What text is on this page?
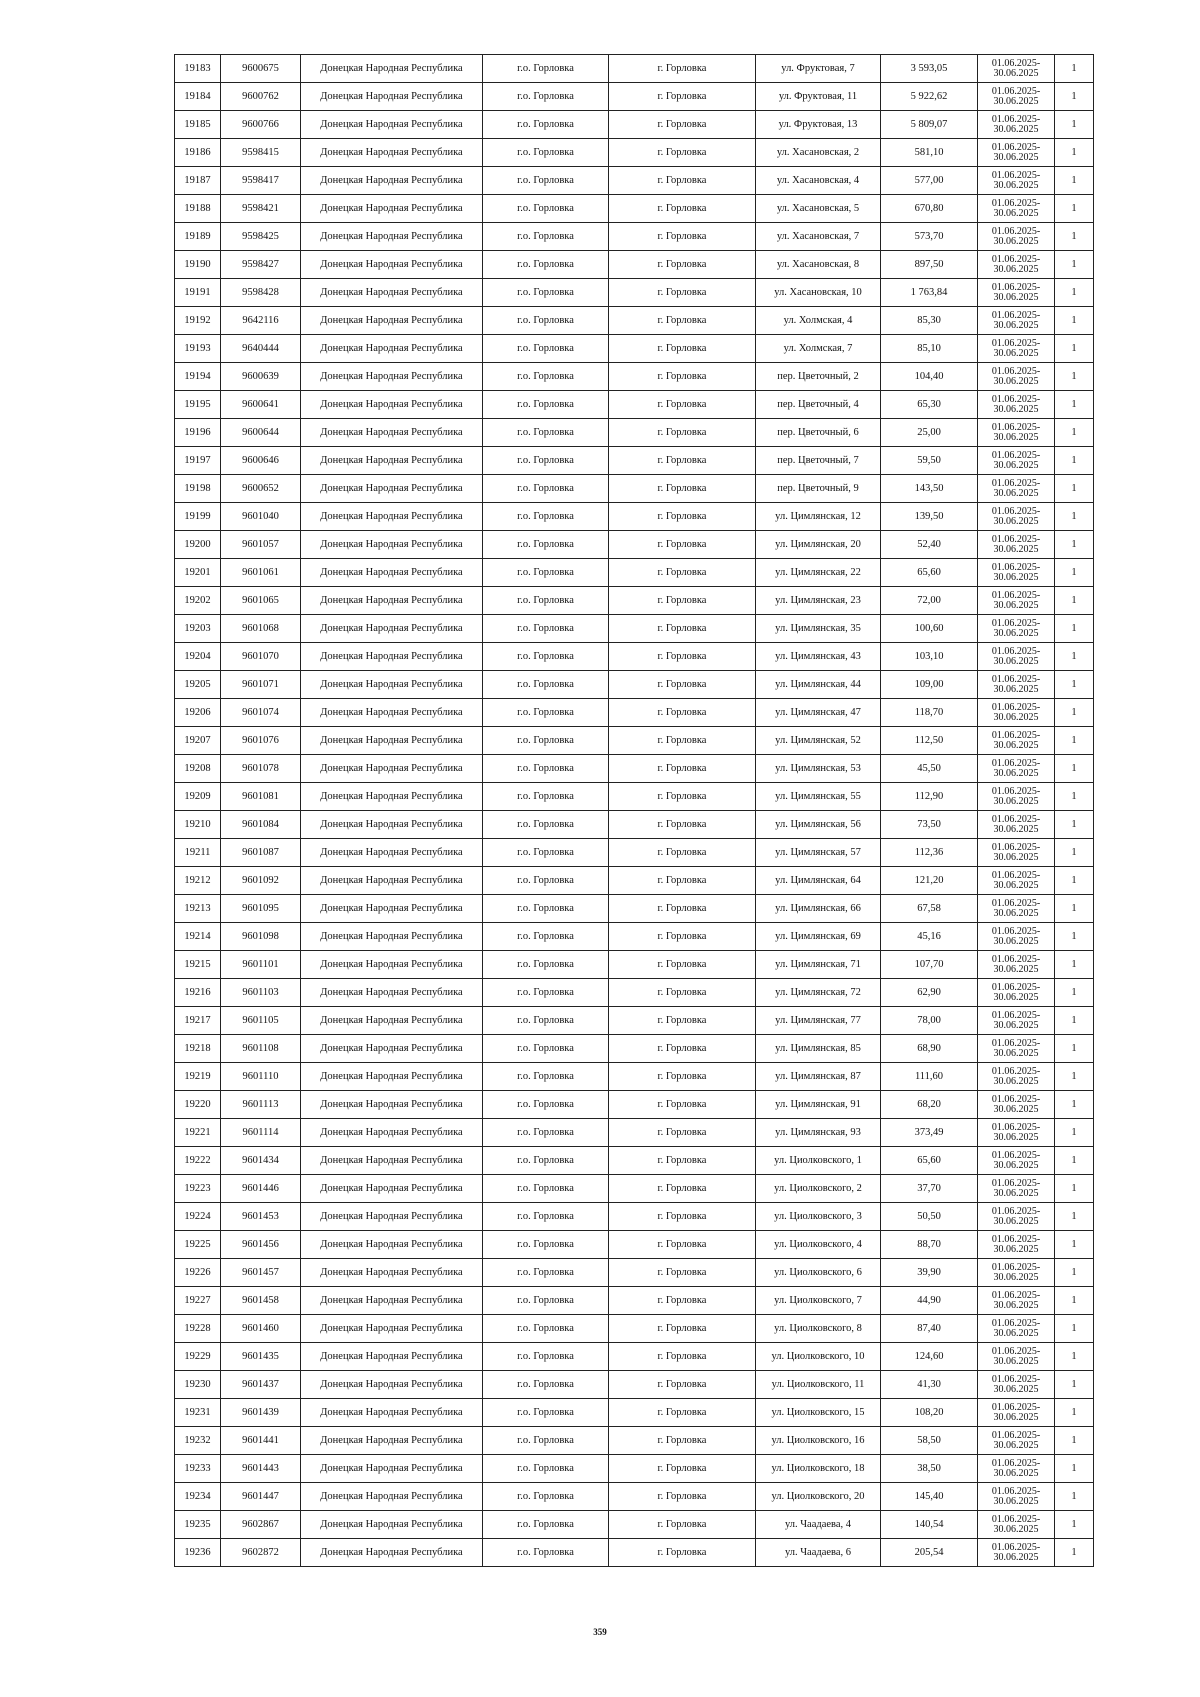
19183	9600675	Донецкая Народная Республика	г.о. Горловка	г. Горловка	ул. Фруктовая, 7	3 593,05	01.06.2025-
30.06.2025	1
19184	9600762	Донецкая Народная Республика	г.о. Горловка	г. Горловка	ул. Фруктовая, 11	5 922,62	01.06.2025-
30.06.2025	1
19185	9600766	Донецкая Народная Республика	г.о. Горловка	г. Горловка	ул. Фруктовая, 13	5 809,07	01.06.2025-
30.06.2025	1
19186	9598415	Донецкая Народная Республика	г.о. Горловка	г. Горловка	ул. Хасановская, 2	581,10	01.06.2025-
30.06.2025	1
19187	9598417	Донецкая Народная Республика	г.о. Горловка	г. Горловка	ул. Хасановская, 4	577,00	01.06.2025-
30.06.2025	1
19188	9598421	Донецкая Народная Республика	г.о. Горловка	г. Горловка	ул. Хасановская, 5	670,80	01.06.2025-
30.06.2025	1
19189	9598425	Донецкая Народная Республика	г.о. Горловка	г. Горловка	ул. Хасановская, 7	573,70	01.06.2025-
30.06.2025	1
19190	9598427	Донецкая Народная Республика	г.о. Горловка	г. Горловка	ул. Хасановская, 8	897,50	01.06.2025-
30.06.2025	1
19191	9598428	Донецкая Народная Республика	г.о. Горловка	г. Горловка	ул. Хасановская, 10	1 763,84	01.06.2025-
30.06.2025	1
19192	9642116	Донецкая Народная Республика	г.о. Горловка	г. Горловка	ул. Холмская, 4	85,30	01.06.2025-
30.06.2025	1
19193	9640444	Донецкая Народная Республика	г.о. Горловка	г. Горловка	ул. Холмская, 7	85,10	01.06.2025-
30.06.2025	1
19194	9600639	Донецкая Народная Республика	г.о. Горловка	г. Горловка	пер. Цветочный, 2	104,40	01.06.2025-
30.06.2025	1
19195	9600641	Донецкая Народная Республика	г.о. Горловка	г. Горловка	пер. Цветочный, 4	65,30	01.06.2025-
30.06.2025	1
19196	9600644	Донецкая Народная Республика	г.о. Горловка	г. Горловка	пер. Цветочный, 6	25,00	01.06.2025-
30.06.2025	1
19197	9600646	Донецкая Народная Республика	г.о. Горловка	г. Горловка	пер. Цветочный, 7	59,50	01.06.2025-
30.06.2025	1
19198	9600652	Донецкая Народная Республика	г.о. Горловка	г. Горловка	пер. Цветочный, 9	143,50	01.06.2025-
30.06.2025	1
19199	9601040	Донецкая Народная Республика	г.о. Горловка	г. Горловка	ул. Цимлянская, 12	139,50	01.06.2025-
30.06.2025	1
19200	9601057	Донецкая Народная Республика	г.о. Горловка	г. Горловка	ул. Цимлянская, 20	52,40	01.06.2025-
30.06.2025	1
19201	9601061	Донецкая Народная Республика	г.о. Горловка	г. Горловка	ул. Цимлянская, 22	65,60	01.06.2025-
30.06.2025	1
19202	9601065	Донецкая Народная Республика	г.о. Горловка	г. Горловка	ул. Цимлянская, 23	72,00	01.06.2025-
30.06.2025	1
19203	9601068	Донецкая Народная Республика	г.о. Горловка	г. Горловка	ул. Цимлянская, 35	100,60	01.06.2025-
30.06.2025	1
19204	9601070	Донецкая Народная Республика	г.о. Горловка	г. Горловка	ул. Цимлянская, 43	103,10	01.06.2025-
30.06.2025	1
19205	9601071	Донецкая Народная Республика	г.о. Горловка	г. Горловка	ул. Цимлянская, 44	109,00	01.06.2025-
30.06.2025	1
19206	9601074	Донецкая Народная Республика	г.о. Горловка	г. Горловка	ул. Цимлянская, 47	118,70	01.06.2025-
30.06.2025	1
19207	9601076	Донецкая Народная Республика	г.о. Горловка	г. Горловка	ул. Цимлянская, 52	112,50	01.06.2025-
30.06.2025	1
19208	9601078	Донецкая Народная Республика	г.о. Горловка	г. Горловка	ул. Цимлянская, 53	45,50	01.06.2025-
30.06.2025	1
19209	9601081	Донецкая Народная Республика	г.о. Горловка	г. Горловка	ул. Цимлянская, 55	112,90	01.06.2025-
30.06.2025	1
19210	9601084	Донецкая Народная Республика	г.о. Горловка	г. Горловка	ул. Цимлянская, 56	73,50	01.06.2025-
30.06.2025	1
19211	9601087	Донецкая Народная Республика	г.о. Горловка	г. Горловка	ул. Цимлянская, 57	112,36	01.06.2025-
30.06.2025	1
19212	9601092	Донецкая Народная Республика	г.о. Горловка	г. Горловка	ул. Цимлянская, 64	121,20	01.06.2025-
30.06.2025	1
19213	9601095	Донецкая Народная Республика	г.о. Горловка	г. Горловка	ул. Цимлянская, 66	67,58	01.06.2025-
30.06.2025	1
19214	9601098	Донецкая Народная Республика	г.о. Горловка	г. Горловка	ул. Цимлянская, 69	45,16	01.06.2025-
30.06.2025	1
19215	9601101	Донецкая Народная Республика	г.о. Горловка	г. Горловка	ул. Цимлянская, 71	107,70	01.06.2025-
30.06.2025	1
19216	9601103	Донецкая Народная Республика	г.о. Горловка	г. Горловка	ул. Цимлянская, 72	62,90	01.06.2025-
30.06.2025	1
19217	9601105	Донецкая Народная Республика	г.о. Горловка	г. Горловка	ул. Цимлянская, 77	78,00	01.06.2025-
30.06.2025	1
19218	9601108	Донецкая Народная Республика	г.о. Горловка	г. Горловка	ул. Цимлянская, 85	68,90	01.06.2025-
30.06.2025	1
19219	9601110	Донецкая Народная Республика	г.о. Горловка	г. Горловка	ул. Цимлянская, 87	111,60	01.06.2025-
30.06.2025	1
19220	9601113	Донецкая Народная Республика	г.о. Горловка	г. Горловка	ул. Цимлянская, 91	68,20	01.06.2025-
30.06.2025	1
19221	9601114	Донецкая Народная Республика	г.о. Горловка	г. Горловка	ул. Цимлянская, 93	373,49	01.06.2025-
30.06.2025	1
19222	9601434	Донецкая Народная Республика	г.о. Горловка	г. Горловка	ул. Циолковского, 1	65,60	01.06.2025-
30.06.2025	1
19223	9601446	Донецкая Народная Республика	г.о. Горловка	г. Горловка	ул. Циолковского, 2	37,70	01.06.2025-
30.06.2025	1
19224	9601453	Донецкая Народная Республика	г.о. Горловка	г. Горловка	ул. Циолковского, 3	50,50	01.06.2025-
30.06.2025	1
19225	9601456	Донецкая Народная Республика	г.о. Горловка	г. Горловка	ул. Циолковского, 4	88,70	01.06.2025-
30.06.2025	1
19226	9601457	Донецкая Народная Республика	г.о. Горловка	г. Горловка	ул. Циолковского, 6	39,90	01.06.2025-
30.06.2025	1
19227	9601458	Донецкая Народная Республика	г.о. Горловка	г. Горловка	ул. Циолковского, 7	44,90	01.06.2025-
30.06.2025	1
19228	9601460	Донецкая Народная Республика	г.о. Горловка	г. Горловка	ул. Циолковского, 8	87,40	01.06.2025-
30.06.2025	1
19229	9601435	Донецкая Народная Республика	г.о. Горловка	г. Горловка	ул. Циолковского, 10	124,60	01.06.2025-
30.06.2025	1
19230	9601437	Донецкая Народная Республика	г.о. Горловка	г. Горловка	ул. Циолковского, 11	41,30	01.06.2025-
30.06.2025	1
19231	9601439	Донецкая Народная Республика	г.о. Горловка	г. Горловка	ул. Циолковского, 15	108,20	01.06.2025-
30.06.2025	1
19232	9601441	Донецкая Народная Республика	г.о. Горловка	г. Горловка	ул. Циолковского, 16	58,50	01.06.2025-
30.06.2025	1
19233	9601443	Донецкая Народная Республика	г.о. Горловка	г. Горловка	ул. Циолковского, 18	38,50	01.06.2025-
30.06.2025	1
19234	9601447	Донецкая Народная Республика	г.о. Горловка	г. Горловка	ул. Циолковского, 20	145,40	01.06.2025-
30.06.2025	1
19235	9602867	Донецкая Народная Республика	г.о. Горловка	г. Горловка	ул. Чаадаева, 4	140,54	01.06.2025-
30.06.2025	1
19236	9602872	Донецкая Народная Республика	г.о. Горловка	г. Горловка	ул. Чаадаева, 6	205,54	01.06.2025-
30.06.2025	1
359
